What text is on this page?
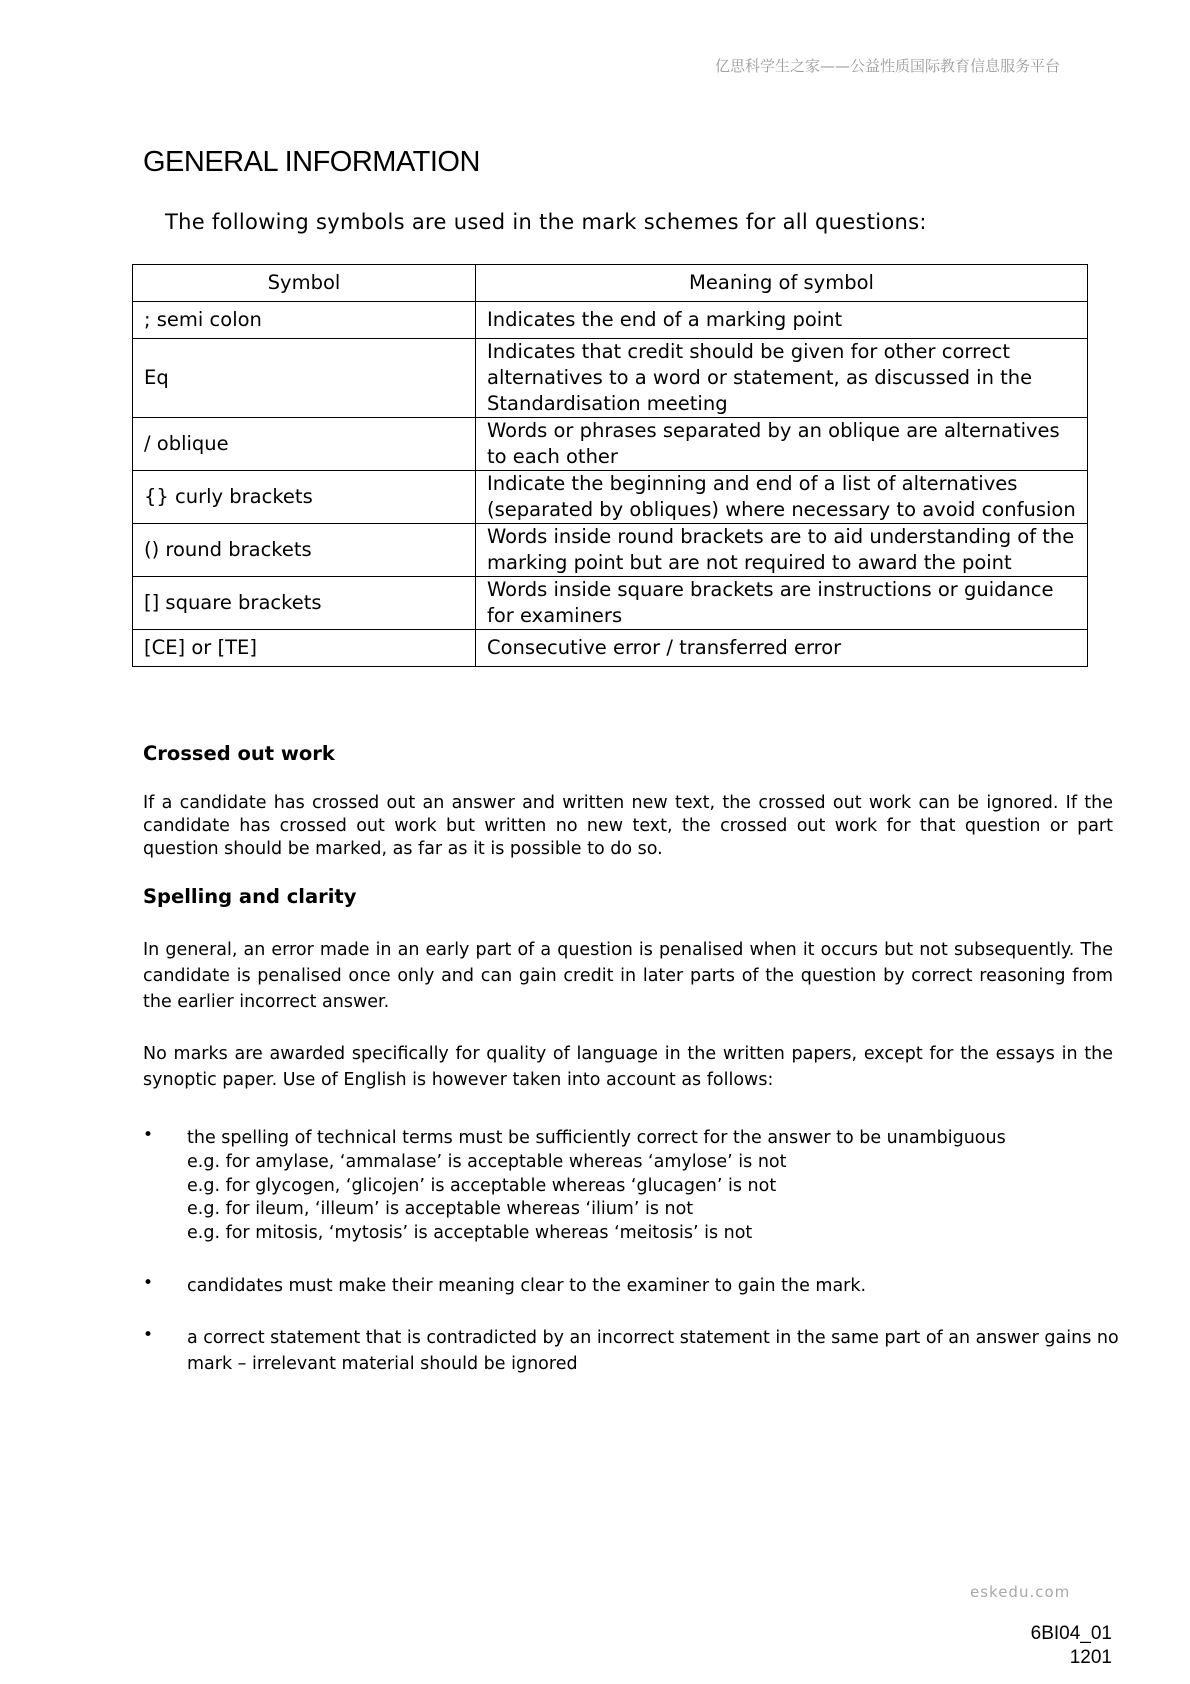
亿思科学生之家——公益性质国际教育信息服务平台
GENERAL INFORMATION
The following symbols are used in the mark schemes for all questions:
Symbol	Meaning of symbol
; semi colon	Indicates the end of a marking point
Eq	Indicates that credit should be given for other correct alternatives to a word or statement, as discussed in the Standardisation meeting
/ oblique	Words or phrases separated by an oblique are alternatives to each other
{} curly brackets	Indicate the beginning and end of a list of alternatives (separated by obliques) where necessary to avoid confusion
() round brackets	Words inside round brackets are to aid understanding of the marking point but are not required to award the point
[] square brackets	Words inside square brackets are instructions or guidance for examiners
[CE] or [TE]	Consecutive error / transferred error
Crossed out work
If a candidate has crossed out an answer and written new text, the crossed out work can be ignored. If the candidate has crossed out work but written no new text, the crossed out work for that question or part question should be marked, as far as it is possible to do so.
Spelling and clarity
In general, an error made in an early part of a question is penalised when it occurs but not subsequently. The candidate is penalised once only and can gain credit in later parts of the question by correct reasoning from the earlier incorrect answer.
No marks are awarded specifically for quality of language in the written papers, except for the essays in the synoptic paper. Use of English is however taken into account as follows:
• the spelling of technical terms must be sufficiently correct for the answer to be unambiguous
e.g. for amylase, ‘ammalase’ is acceptable whereas ‘amylose’ is not
e.g. for glycogen, ‘glicojen’ is acceptable whereas ‘glucagen’ is not
e.g. for ileum, ‘illeum’ is acceptable whereas ‘ilium’ is not
e.g. for mitosis, ‘mytosis’ is acceptable whereas ‘meitosis’ is not
• candidates must make their meaning clear to the examiner to gain the mark.
• a correct statement that is contradicted by an incorrect statement in the same part of an answer gains no mark – irrelevant material should be ignored
eskedu.com
6BI04_01
1201
